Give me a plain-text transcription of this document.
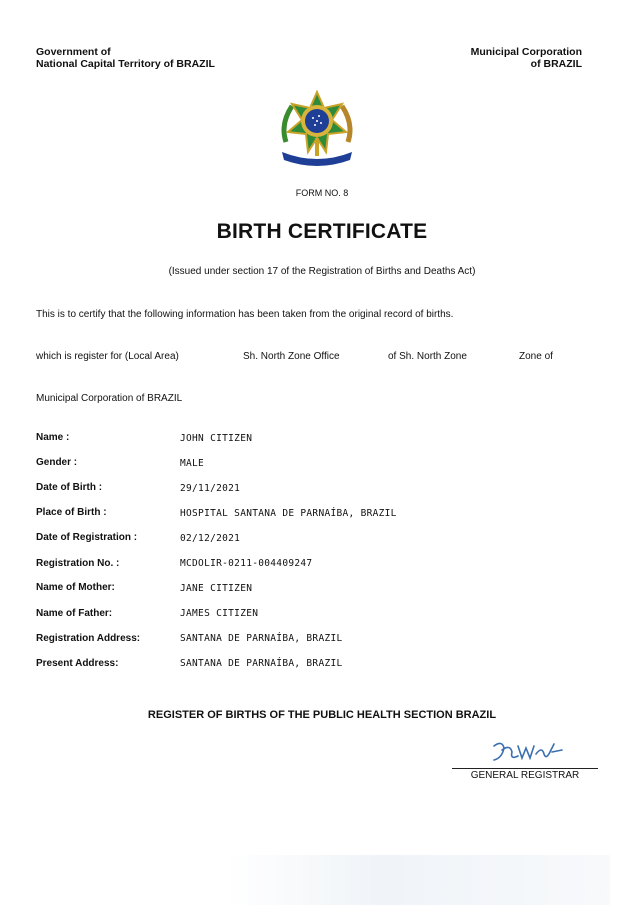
Government of
National Capital Territory of BRAZIL
Municipal Corporation
of BRAZIL
FORM NO. 8
BIRTH CERTIFICATE
(Issued under section 17 of the Registration of Births and Deaths Act)
This is to certify that the following information has been taken from the original record of births.
which is register for (Local Area)	Sh. North Zone Office	of Sh. North Zone	Zone of
Municipal Corporation of BRAZIL
Name :	JOHN CITIZEN
Gender :	MALE
Date of Birth :	29/11/2021
Place of Birth :	HOSPITAL SANTANA DE PARNAÍBA, BRAZIL
Date of Registration :	02/12/2021
Registration No. :	MCDOLIR-0211-004409247
Name of Mother:	JANE CITIZEN
Name of Father:	JAMES CITIZEN
Registration Address:	SANTANA DE PARNAÍBA, BRAZIL
Present Address:	SANTANA DE PARNAÍBA, BRAZIL
REGISTER OF BIRTHS OF THE PUBLIC HEALTH SECTION BRAZIL
GENERAL REGISTRAR
